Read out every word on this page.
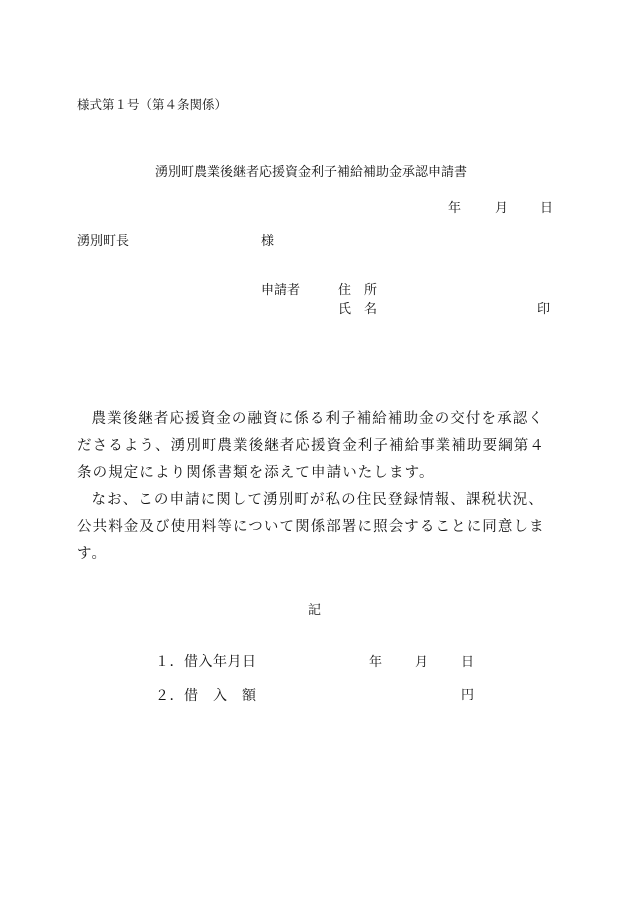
様式第１号（第４条関係）
湧別町農業後継者応援資金利子補給補助金承認申請書
年	月 日
湧別町長	様
申請者	住　所
氏　名	印

農業後継者応援資金の融資に係る利子補給補助金の交付を承認くださるよう、湧別町農業後継者応援資金利子補給事業補助要綱第４条の規定により関係書類を添えて申請いたします。

なお、この申請に関して湧別町が私の住民登録情報、課税状況、公共料金及び使用料等について関係部署に照会することに同意します。

記
１．借入年月日	年	月	日
２．借　入　額	円
